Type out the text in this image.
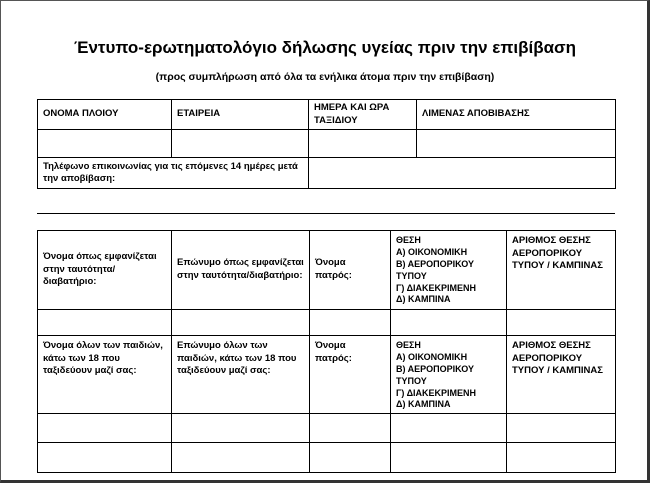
Έντυπο-ερωτηματολόγιο δήλωσης υγείας πριν την επιβίβαση
(προς συμπλήρωση από όλα τα ενήλικα άτομα πριν την επιβίβαση)
ΟΝΟΜΑ ΠΛΟΙΟΥ	ΕΤΑΙΡΕΙΑ	ΗΜΕΡΑ ΚΑΙ ΩΡΑ ΤΑΞΙΔΙΟΥ	ΛΙΜΕΝΑΣ ΑΠΟΒΙΒΑΣΗΣ

Τηλέφωνο επικοινωνίας για τις επόμενες 14 ημέρες μετά την αποβίβαση:			
Όνομα όπως εμφανίζεται στην ταυτότητα/ διαβατήριο:	Επώνυμο όπως εμφανίζεται στην ταυτότητα/διαβατήριο:	Όνομα πατρός:	ΘΕΣΗ
Α) ΟΙΚΟΝΟΜΙΚΗ
Β) ΑΕΡΟΠΟΡΙΚΟΥ ΤΥΠΟΥ
Γ) ΔΙΑΚΕΚΡΙΜΕΝΗ
Δ) ΚΑΜΠΙΝΑ	ΑΡΙΘΜΟΣ ΘΕΣΗΣ ΑΕΡΟΠΟΡΙΚΟΥ ΤΥΠΟΥ / ΚΑΜΠΙΝΑΣ

Όνομα όλων των παιδιών, κάτω των 18 που ταξιδεύουν μαζί σας:	Επώνυμο όλων των παιδιών, κάτω των 18 που ταξιδεύουν μαζί σας:	Όνομα πατρός:	ΘΕΣΗ
Α) ΟΙΚΟΝΟΜΙΚΗ
Β) ΑΕΡΟΠΟΡΙΚΟΥ ΤΥΠΟΥ
Γ) ΔΙΑΚΕΚΡΙΜΕΝΗ
Δ) ΚΑΜΠΙΝΑ	ΑΡΙΘΜΟΣ ΘΕΣΗΣ ΑΕΡΟΠΟΡΙΚΟΥ ΤΥΠΟΥ / ΚΑΜΠΙΝΑΣ
